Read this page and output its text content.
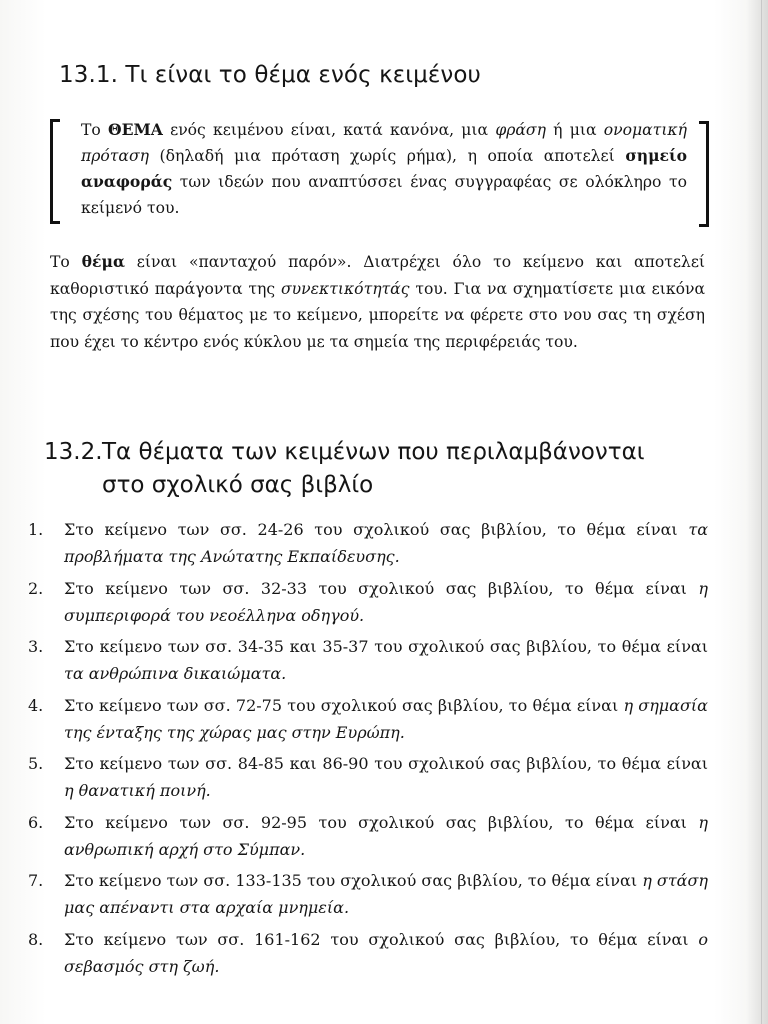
13.1. Τι είναι το θέμα ενός κειμένου

Το ΘΕΜΑ ενός κειμένου είναι, κατά κανόνα, μια φράση ή μια ονοματική πρόταση (δηλαδή μια πρόταση χωρίς ρήμα), η οποία αποτελεί σημείο αναφοράς των ιδεών που αναπτύσσει ένας συγγραφέας σε ολόκληρο το κείμενό του.

Το θέμα είναι «πανταχού παρόν». Διατρέχει όλο το κείμενο και αποτελεί καθοριστικό παράγοντα της συνεκτικότητάς του. Για να σχηματίσετε μια εικόνα της σχέσης του θέματος με το κείμενο, μπορείτε να φέρετε στο νου σας τη σχέση που έχει το κέντρο ενός κύκλου με τα σημεία της περιφέρειάς του.

13.2.Τα θέματα των κειμένων που περιλαμβάνονται
στο σχολικό σας βιβλίο
1.	Στο κείμενο των σσ. 24-26 του σχολικού σας βιβλίου, το θέμα είναι τα προβλήματα της Ανώτατης Εκπαίδευσης.
2.	Στο κείμενο των σσ. 32-33 του σχολικού σας βιβλίου, το θέμα είναι η συμπεριφορά του νεοέλληνα οδηγού.
3.	Στο κείμενο των σσ. 34-35 και 35-37 του σχολικού σας βιβλίου, το θέμα είναι τα ανθρώπινα δικαιώματα.
4.	Στο κείμενο των σσ. 72-75 του σχολικού σας βιβλίου, το θέμα είναι η σημασία της ένταξης της χώρας μας στην Ευρώπη.
5.	Στο κείμενο των σσ. 84-85 και 86-90 του σχολικού σας βιβλίου, το θέμα είναι η θανατική ποινή.
6.	Στο κείμενο των σσ. 92-95 του σχολικού σας βιβλίου, το θέμα είναι η ανθρωπική αρχή στο Σύμπαν.
7.	Στο κείμενο των σσ. 133-135 του σχολικού σας βιβλίου, το θέμα είναι η στάση μας απέναντι στα αρχαία μνημεία.
8.	Στο κείμενο των σσ. 161-162 του σχολικού σας βιβλίου, το θέμα είναι ο σεβασμός στη ζωή.
